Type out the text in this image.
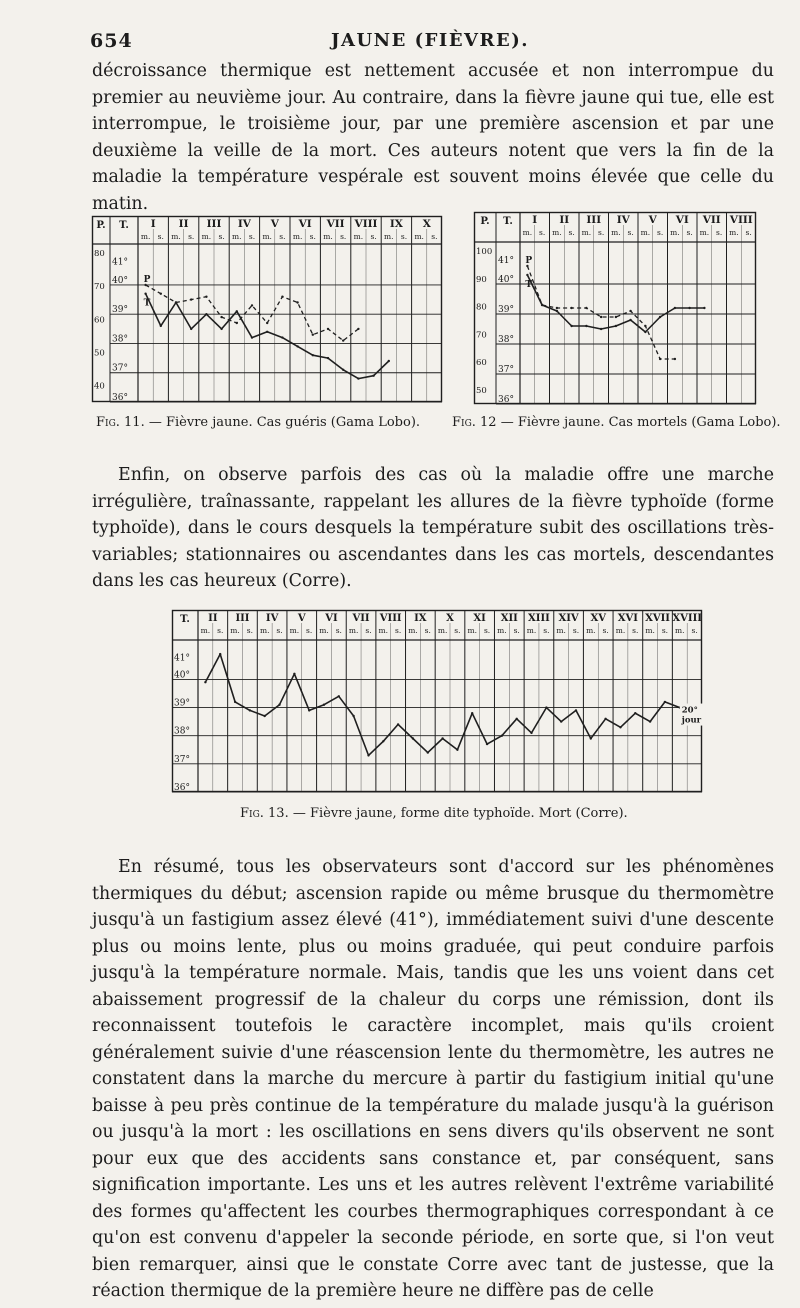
654	JAUNE (FIÈVRE).

décroissance thermique est nettement accusée et non interrompue du premier au neuvième jour. Au contraire, dans la fièvre jaune qui tue, elle est interrompue, le troisième jour, par une première ascension et par une deuxième la veille de la mort. Ces auteurs notent que vers la fin de la maladie la température vespérale est souvent moins élevée que celle du matin.

P. T. I
m. s.
II
m. s.
III
m. s.
IV
m. s.
V
m. s.
VI
m. s.
VII
m. s.
VIII
m. s.
IX
m. s.
X
m. s.
41°
40°
39°
38°
37°
36°
80
70
60
50
40
P
T
Fig. 11. — Fièvre jaune. Cas guéris (Gama Lobo).
P. T. I
m. s.
II
m. s.
III
m. s.
IV
m. s.
V
m. s.
VI
m. s.
VII
m. s.
VIII
m. s.
41°
40°
39°
38°
37°
36°
100
90
80
70
60
50
P
T
Fig. 12 — Fièvre jaune. Cas mortels (Gama Lobo).

Enfin, on observe parfois des cas où la maladie offre une marche irrégulière, traînassante, rappelant les allures de la fièvre typhoïde (forme typhoïde), dans le cours desquels la température subit des oscillations très-variables; stationnaires ou ascendantes dans les cas mortels, descendantes dans les cas heureux (Corre).

T. II
m. s.
III
m. s.
IV
m. s.
V
m. s.
VI
m. s.
VII
m. s.
VIII
m. s.
IX
m. s.
X
m. s.
XI
m. s.
XII
m. s.
XIII
m. s.
XIV
m. s.
XV
m. s.
XVI
m. s.
XVII
m. s.
XVIII
m. s.
41°
40°
39°
38°
37°
36°
20°
jour
Fig. 13. — Fièvre jaune, forme dite typhoïde. Mort (Corre).

En résumé, tous les observateurs sont d'accord sur les phénomènes thermiques du début; ascension rapide ou même brusque du thermomètre jusqu'à un fastigium assez élevé (41°), immédiatement suivi d'une descente plus ou moins lente, plus ou moins graduée, qui peut conduire parfois jusqu'à la température normale. Mais, tandis que les uns voient dans cet abaissement progressif de la chaleur du corps une rémission, dont ils reconnaissent toutefois le caractère incomplet, mais qu'ils croient généralement suivie d'une réascension lente du thermomètre, les autres ne constatent dans la marche du mercure à partir du fastigium initial qu'une baisse à peu près continue de la température du malade jusqu'à la guérison ou jusqu'à la mort : les oscillations en sens divers qu'ils observent ne sont pour eux que des accidents sans constance et, par conséquent, sans signification importante. Les uns et les autres relèvent l'extrême variabilité des formes qu'affectent les courbes thermographiques correspondant à ce qu'on est convenu d'appeler la seconde période, en sorte que, si l'on veut bien remarquer, ainsi que le constate Corre avec tant de justesse, que la réaction thermique de la première heure ne diffère pas de celle
